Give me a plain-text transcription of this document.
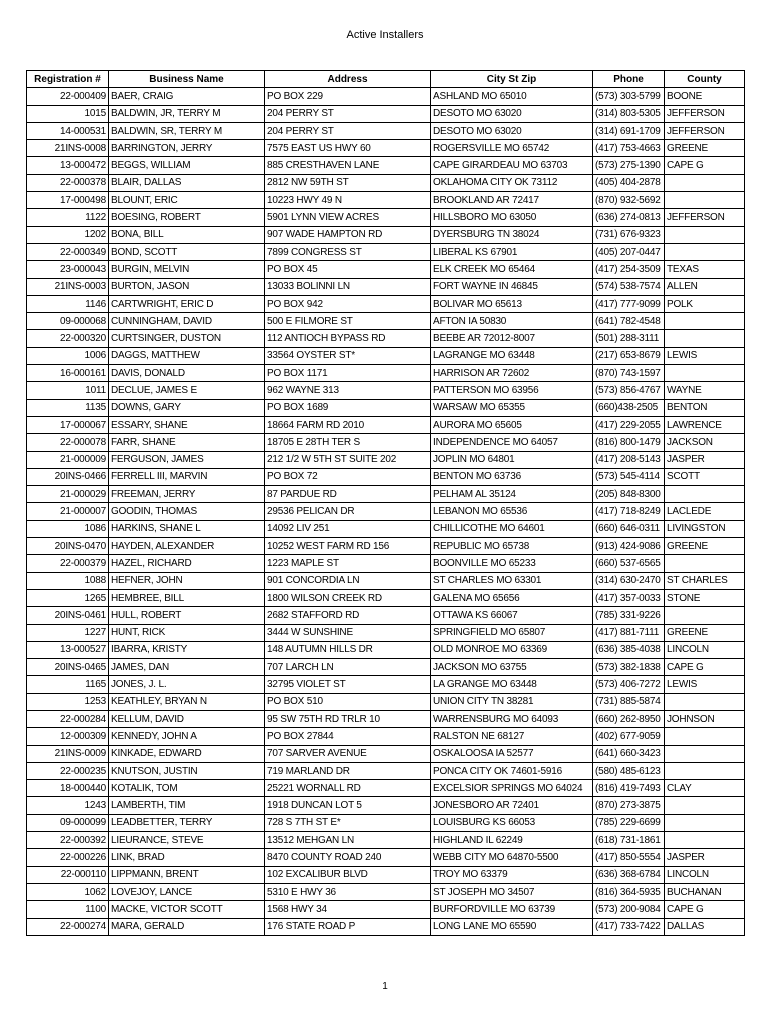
Active Installers
Registration #	Business Name	Address	City St Zip	Phone	County
22-000409	BAER, CRAIG	PO BOX 229	ASHLAND MO 65010	(573) 303-5799	BOONE
1015	BALDWIN, JR, TERRY M	204 PERRY ST	DESOTO MO 63020	(314) 803-5305	JEFFERSON
14-000531	BALDWIN, SR, TERRY M	204 PERRY ST	DESOTO MO 63020	(314) 691-1709	JEFFERSON
21INS-0008	BARRINGTON, JERRY	7575 EAST US HWY 60	ROGERSVILLE MO 65742	(417) 753-4663	GREENE
13-000472	BEGGS, WILLIAM	885 CRESTHAVEN LANE	CAPE GIRARDEAU MO 63703	(573) 275-1390	CAPE G
22-000378	BLAIR, DALLAS	2812 NW 59TH ST	OKLAHOMA CITY OK 73112	(405) 404-2878	
17-000498	BLOUNT, ERIC	10223 HWY 49 N	BROOKLAND AR 72417	(870) 932-5692	
1122	BOESING, ROBERT	5901 LYNN VIEW ACRES	HILLSBORO MO 63050	(636) 274-0813	JEFFERSON
1202	BONA, BILL	907 WADE HAMPTON RD	DYERSBURG TN 38024	(731) 676-9323	
22-000349	BOND, SCOTT	7899 CONGRESS ST	LIBERAL KS 67901	(405) 207-0447	
23-000043	BURGIN, MELVIN	PO BOX 45	ELK CREEK MO 65464	(417) 254-3509	TEXAS
21INS-0003	BURTON, JASON	13033 BOLINNI LN	FORT WAYNE IN 46845	(574) 538-7574	ALLEN
1146	CARTWRIGHT, ERIC D	PO BOX 942	BOLIVAR MO 65613	(417) 777-9099	POLK
09-000068	CUNNINGHAM, DAVID	500 E FILMORE ST	AFTON IA 50830	(641) 782-4548	
22-000320	CURTSINGER, DUSTON	112 ANTIOCH BYPASS RD	BEEBE AR 72012-8007	(501) 288-3111	
1006	DAGGS, MATTHEW	33564 OYSTER ST*	LAGRANGE MO 63448	(217) 653-8679	LEWIS
16-000161	DAVIS, DONALD	PO BOX 1171	HARRISON AR 72602	(870) 743-1597	
1011	DECLUE, JAMES E	962 WAYNE 313	PATTERSON MO 63956	(573) 856-4767	WAYNE
1135	DOWNS, GARY	PO BOX 1689	WARSAW MO 65355	(660)438-2505	BENTON
17-000067	ESSARY, SHANE	18664 FARM RD 2010	AURORA MO 65605	(417) 229-2055	LAWRENCE
22-000078	FARR, SHANE	18705 E 28TH TER S	INDEPENDENCE MO 64057	(816) 800-1479	JACKSON
21-000009	FERGUSON, JAMES	212 1/2 W 5TH ST SUITE 202	JOPLIN MO 64801	(417) 208-5143	JASPER
20INS-0466	FERRELL III, MARVIN	PO BOX 72	BENTON MO 63736	(573) 545-4114	SCOTT
21-000029	FREEMAN, JERRY	87 PARDUE RD	PELHAM AL 35124	(205) 848-8300	
21-000007	GOODIN, THOMAS	29536 PELICAN DR	LEBANON MO 65536	(417) 718-8249	LACLEDE
1086	HARKINS, SHANE L	14092 LIV 251	CHILLICOTHE MO 64601	(660) 646-0311	LIVINGSTON
20INS-0470	HAYDEN, ALEXANDER	10252 WEST FARM RD 156	REPUBLIC MO 65738	(913) 424-9086	GREENE
22-000379	HAZEL, RICHARD	1223 MAPLE ST	BOONVILLE MO 65233	(660) 537-6565	
1088	HEFNER, JOHN	901 CONCORDIA LN	ST CHARLES MO 63301	(314) 630-2470	ST CHARLES
1265	HEMBREE, BILL	1800 WILSON CREEK RD	GALENA MO 65656	(417) 357-0033	STONE
20INS-0461	HULL, ROBERT	2682 STAFFORD RD	OTTAWA KS 66067	(785) 331-9226	
1227	HUNT, RICK	3444 W SUNSHINE	SPRINGFIELD MO 65807	(417) 881-7111	GREENE
13-000527	IBARRA, KRISTY	148 AUTUMN HILLS DR	OLD MONROE MO 63369	(636) 385-4038	LINCOLN
20INS-0465	JAMES, DAN	707 LARCH LN	JACKSON MO 63755	(573) 382-1838	CAPE G
1165	JONES, J. L.	32795 VIOLET ST	LA GRANGE MO 63448	(573) 406-7272	LEWIS
1253	KEATHLEY, BRYAN N	PO BOX 510	UNION CITY TN 38281	(731) 885-5874	
22-000284	KELLUM, DAVID	95 SW 75TH RD TRLR 10	WARRENSBURG MO 64093	(660) 262-8950	JOHNSON
12-000309	KENNEDY, JOHN A	PO BOX 27844	RALSTON NE 68127	(402) 677-9059	
21INS-0009	KINKADE, EDWARD	707 SARVER AVENUE	OSKALOOSA IA 52577	(641) 660-3423	
22-000235	KNUTSON, JUSTIN	719 MARLAND DR	PONCA CITY OK 74601-5916	(580) 485-6123	
18-000440	KOTALIK, TOM	25221 WORNALL RD	EXCELSIOR SPRINGS MO 64024	(816) 419-7493	CLAY
1243	LAMBERTH, TIM	1918 DUNCAN LOT 5	JONESBORO AR 72401	(870) 273-3875	
09-000099	LEADBETTER, TERRY	728 S 7TH ST E*	LOUISBURG KS 66053	(785) 229-6699	
22-000392	LIEURANCE, STEVE	13512 MEHGAN LN	HIGHLAND IL 62249	(618) 731-1861	
22-000226	LINK, BRAD	8470 COUNTY ROAD 240	WEBB CITY MO 64870-5500	(417) 850-5554	JASPER
22-000110	LIPPMANN, BRENT	102 EXCALIBUR BLVD	TROY MO 63379	(636) 368-6784	LINCOLN
1062	LOVEJOY, LANCE	5310 E HWY 36	ST JOSEPH MO 34507	(816) 364-5935	BUCHANAN
1100	MACKE, VICTOR SCOTT	1568 HWY 34	BURFORDVILLE MO 63739	(573) 200-9084	CAPE G
22-000274	MARA, GERALD	176 STATE ROAD P	LONG LANE MO 65590	(417) 733-7422	DALLAS
1
